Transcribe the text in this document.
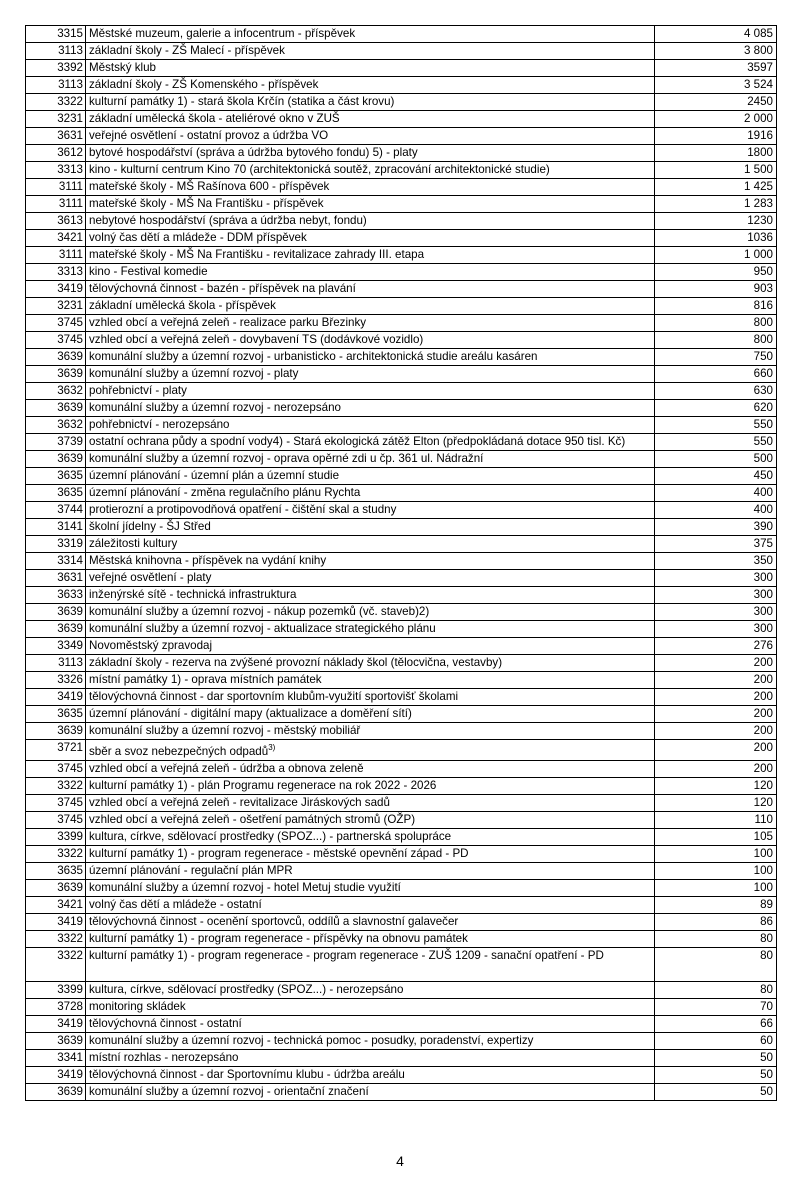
3315	Městské muzeum, galerie a infocentrum - příspěvek	4 085
3113	základní školy - ZŠ Malecí - příspěvek	3 800
3392	Městský klub	3597
3113	základní školy - ZŠ Komenského - příspěvek	3 524
3322	kulturní památky 1) - stará škola Krčín (statika a část krovu)	2450
3231	základní umělecká škola - ateliérové okno v ZUŠ	2 000
3631	veřejné osvětlení - ostatní provoz a údržba VO	1916
3612	bytové hospodářství (správa a údržba bytového fondu) 5) - platy	1800
3313	kino - kulturní centrum Kino 70 (architektonická soutěž, zpracování architektonické studie)	1 500
3111	mateřské školy - MŠ Rašínova 600 - příspěvek	1 425
3111	mateřské školy - MŠ Na Františku - příspěvek	1 283
3613	nebytové hospodářství (správa a údržba nebyt, fondu)	1230
3421	volný čas dětí a mládeže - DDM příspěvek	1036
3111	mateřské školy - MŠ Na Františku - revitalizace zahrady III. etapa	1 000
3313	kino - Festival komedie	950
3419	tělovýchovná činnost - bazén - příspěvek na plavání	903
3231	základní umělecká škola - příspěvek	816
3745	vzhled obcí a veřejná zeleň - realizace parku Březinky	800
3745	vzhled obcí a veřejná zeleň - dovybavení TS (dodávkové vozidlo)	800
3639	komunální služby a územní rozvoj - urbanisticko - architektonická studie areálu kasáren	750
3639	komunální služby a územní rozvoj - platy	660
3632	pohřebnictví - platy	630
3639	komunální služby a územní rozvoj - nerozepsáno	620
3632	pohřebnictví - nerozepsáno	550
3739	ostatní ochrana půdy a spodní vody4) - Stará ekologická zátěž Elton (předpokládaná dotace 950 tisl. Kč)	550
3639	komunální služby a územní rozvoj - oprava opěrné zdi u čp. 361 ul. Nádražní	500
3635	územní plánování - územní plán a územní studie	450
3635	územní plánování - změna regulačního plánu Rychta	400
3744	protierozní a protipovodňová opatření - čištění skal a studny	400
3141	školní jídelny - ŠJ Střed	390
3319	záležitosti kultury	375
3314	Městská knihovna - příspěvek na vydání knihy	350
3631	veřejné osvětlení - platy	300
3633	inženýrské sítě - technická infrastruktura	300
3639	komunální služby a územní rozvoj - nákup pozemků (vč. staveb)2)	300
3639	komunální služby a územní rozvoj - aktualizace strategického plánu	300
3349	Novoměstský zpravodaj	276
3113	základní školy - rezerva na zvýšené provozní náklady škol (tělocvična, vestavby)	200
3326	místní památky 1) - oprava místních památek	200
3419	tělovýchovná činnost - dar sportovním klubům-využití sportovišť školami	200
3635	územní plánování - digitální mapy (aktualizace a doměření sítí)	200
3639	komunální služby a územní rozvoj - městský mobiliář	200
3721	sběr a svoz nebezpečných odpadů$^{3)}$	200
3745	vzhled obcí a veřejná zeleň - údržba a obnova zeleně	200
3322	kulturní památky 1) - plán Programu regenerace na rok 2022 - 2026	120
3745	vzhled obcí a veřejná zeleň - revitalizace Jiráskových sadů	120
3745	vzhled obcí a veřejná zeleň - ošetření památných stromů (OŽP)	110
3399	kultura, církve, sdělovací prostředky (SPOZ...) - partnerská spolupráce	105
3322	kulturní památky 1) - program regenerace - městské opevnění západ - PD	100
3635	územní plánování - regulační plán MPR	100
3639	komunální služby a územní rozvoj - hotel Metuj studie využití	100
3421	volný čas dětí a mládeže - ostatní	89
3419	tělovýchovná činnost - ocenění sportovců, oddílů a slavnostní galavečer	86
3322	kulturní památky 1) - program regenerace - příspěvky na obnovu památek	80
3322	kulturní památky 1) - program regenerace - program regenerace - ZUŠ 1209 - sanační opatření - PD	80
3399	kultura, církve, sdělovací prostředky (SPOZ...) - nerozepsáno	80
3728	monitoring skládek	70
3419	tělovýchovná činnost - ostatní	66
3639	komunální služby a územní rozvoj - technická pomoc - posudky, poradenství, expertizy	60
3341	místní rozhlas - nerozepsáno	50
3419	tělovýchovná činnost - dar Sportovnímu klubu - údržba areálu	50
3639	komunální služby a územní rozvoj - orientační značení	50
4
